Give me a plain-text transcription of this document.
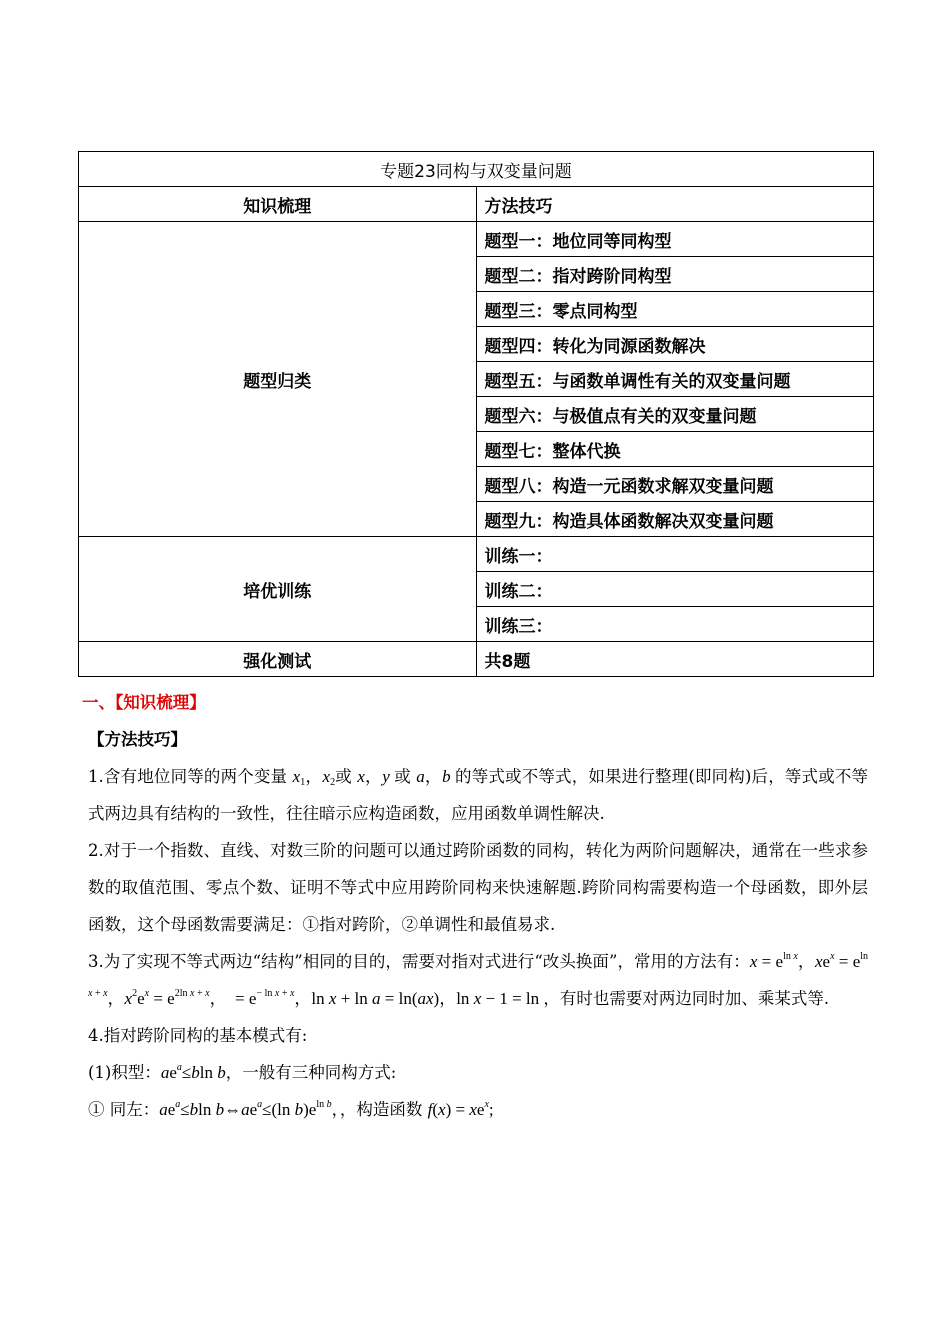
专题23同构与双变量问题	
知识梳理	方法技巧
题型归类	题型一：地位同等同构型
	题型二：指对跨阶同构型
	题型三：零点同构型
	题型四：转化为同源函数解决
	题型五：与函数单调性有关的双变量问题
	题型六：与极值点有关的双变量问题
	题型七：整体代换
	题型八：构造一元函数求解双变量问题
	题型九：构造具体函数解决双变量问题
培优训练	训练一：
	训练二：
	训练三：
强化测试	共8题
一、【知识梳理】
【方法技巧】
1.含有地位同等的两个变量 $x_1$，$x_2$或 x，y 或 a，b 的等式或不等式，如果进行整理(即同构)后，等式或不等式两边具有结构的一致性，往往暗示应构造函数，应用函数单调性解决.
2.对于一个指数、直线、对数三阶的问题可以通过跨阶函数的同构，转化为两阶问题解决，通常在一些求参数的取值范围、零点个数、证明不等式中应用跨阶同构来快速解题.跨阶同构需要构造一个母函数，即外层函数，这个母函数需要满足：①指对跨阶，②单调性和最值易求.
3.为了实现不等式两边“结构”相同的目的，需要对指对式进行“改头换面”，常用的方法有：$x = e^{ln x}$，$xe^x = e^{ln x + x}$，$x^2e^x = e^{2ln x + x}$，  = $e^{- ln x + x}$，ln x + ln a = ln(ax)，ln x − 1 = ln ，有时也需要对两边同时加、乘某式等.
4.指对跨阶同构的基本模式有:
(1)积型：$ae^a\le bln$ b，一般有三种同构方式:
① 同左：$ae^a\le bln$ $b\Leftrightarrow ae^a\le(\ln$ $b)e^{ln b}$，，构造函数 $f(x) = xe^x$;
